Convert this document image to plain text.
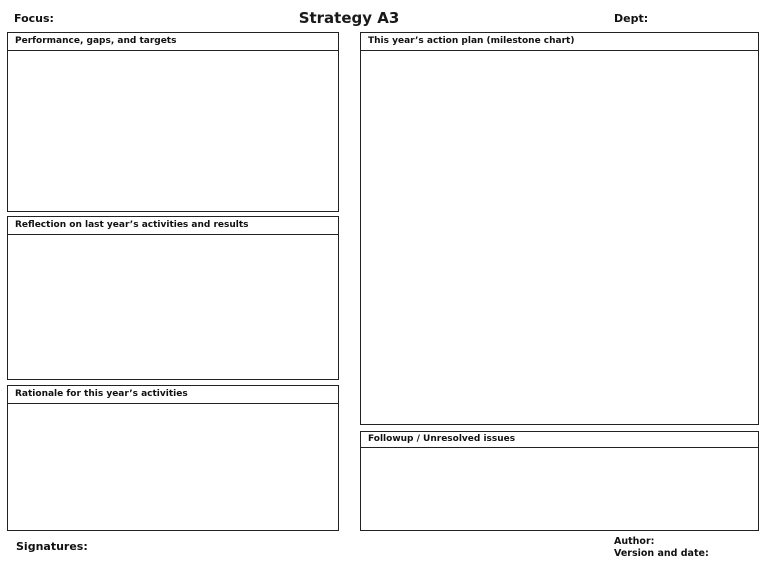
Focus:	Strategy A3	Dept:
Performance, gaps, and targets
Reflection on last year’s activities and results
Rationale for this year’s activities
This year’s action plan (milestone chart)
Followup / Unresolved issues
Signatures:	Author:
Version and date:
